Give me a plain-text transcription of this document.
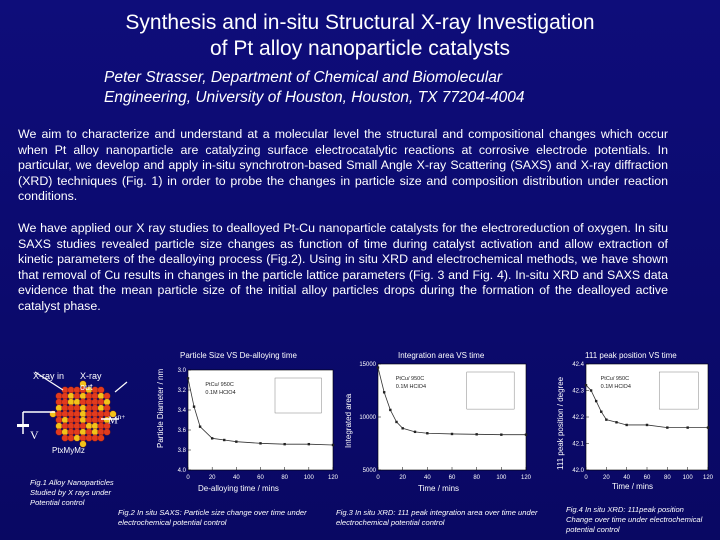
Synthesis and in-situ Structural X-ray Investigation
of Pt alloy nanoparticle catalysts
Peter Strasser, Department of Chemical and Biomolecular
Engineering, University of Houston, Houston, TX 77204-4004
We aim to characterize and understand at a molecular level the structural and compositional changes which occur when Pt alloy nanoparticle are catalyzing surface electrocatalytic reactions at corrosive electrode potentials. In particular, we develop and apply in-situ synchrotron-based Small Angle X-ray Scattering (SAXS) and X-ray diffraction (XRD) techniques (Fig. 1) in order to probe the changes in particle size and composition distribution under reaction conditions.
We have applied our X ray studies to dealloyed Pt-Cu nanoparticle catalysts for the electroreduction of oxygen. In situ SAXS studies revealed particle size changes as function of time during catalyst activation and allow extraction of kinetic parameters of the dealloying process (Fig.2). Using in situ XRD and electrochemical methods, we have shown that removal of Cu results in changes in the particle lattice parameters (Fig. 3 and Fig. 4). In-situ XRD and SAXS data evidence that the mean particle size of the initial alloy particles drops during the formation of the dealloyed active catalyst phase.
X-ray in X-ray out
$M^{n+}$
V
PtxMyMz
Fig.1 Alloy Nanoparticles Studied by X rays under Potential control
Particle Size VS De-alloying time
Particle Diameter / nm
0	20	40	60	80	100 120
3.0
3.2
3.4
3.6
3.8
4.0
PtCu/ 950C
0.1M HClO4
De-alloying time / mins
Fig.2 In situ SAXS: Particle size change over time under electrochemical potential control
Integration area VS time
Integrated area
0	20	40	60	80	100 120
15000
10000
5000
PtCu/ 950C
0.1M HClO4
Time / mins
Fig.3 In situ XRD: 111 peak integration area over time under electrochemical potential control
111 peak position VS time
111 peak position / degree
0	20 40 60 80 100 120
42.4
42.3
42.2
42.1
42.0
PtCu/ 950C
0.1M HClO4
Time / mins
Fig.4 In situ XRD: 111peak position Change over time under electrochemical potential control
